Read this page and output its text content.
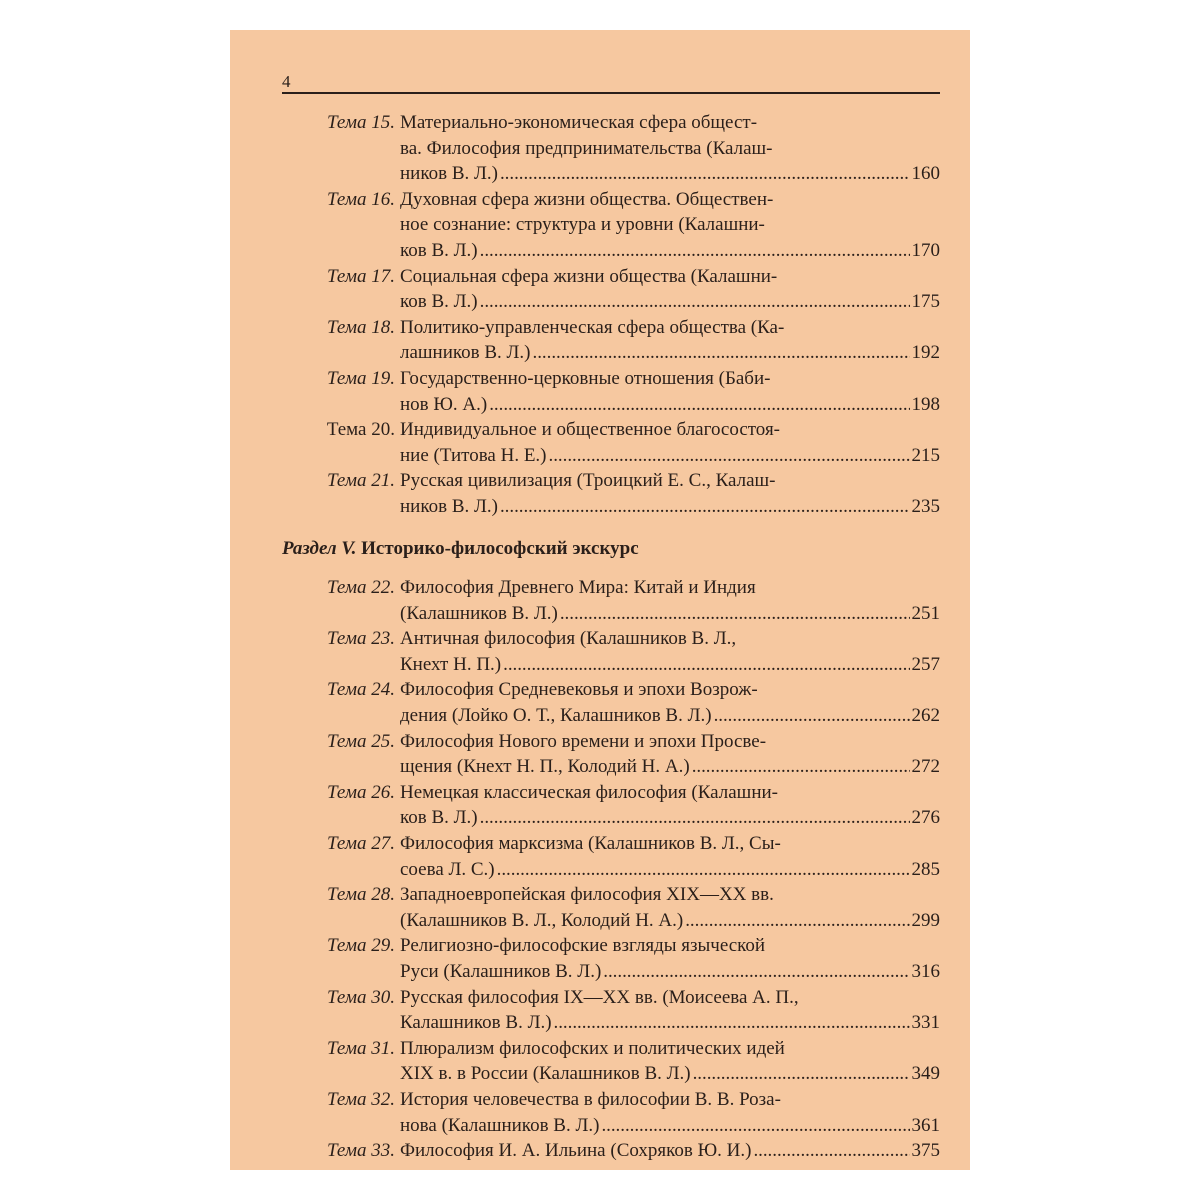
4
Тема 15. Материально-экономическая сфера общест-
ва. Философия предпринимательства (Калаш-
ников В. Л.) . . .	160
Тема 16. Духовная сфера жизни общества. Обществен-
ное сознание: структура и уровни (Калашни-
ков В. Л.) . . .	170
Тема 17. Социальная сфера жизни общества (Калашни-
ков В. Л.) . . .	175
Тема 18. Политико-управленческая сфера общества (Ка-
лашников В. Л.) . . .	192
Тема 19. Государственно-церковные отношения (Баби-
нов Ю. А.) . . .	198
Тема 20. Индивидуальное и общественное благосостоя-
ние (Титова Н. Е.) . . .	215
Тема 21. Русская цивилизация (Троицкий Е. С., Калаш-
ников В. Л.) . . .	235
Раздел V. Историко-философский экскурс
Тема 22. Философия Древнего Мира: Китай и Индия
(Калашников В. Л.) . . .	251
Тема 23. Античная философия (Калашников В. Л.,
Кнехт Н. П.) . . .	257
Тема 24. Философия Средневековья и эпохи Возрож-
дения (Лойко О. Т., Калашников В. Л.) . . .	262
Тема 25. Философия Нового времени и эпохи Просве-
щения (Кнехт Н. П., Колодий Н. А.) . . .	272
Тема 26. Немецкая классическая философия (Калашни-
ков В. Л.) . . .	276
Тема 27. Философия марксизма (Калашников В. Л., Сы-
соева Л. С.) . . .	285
Тема 28. Западноевропейская философия XIX—XX вв.
(Калашников В. Л., Колодий Н. А.) . . .	299
Тема 29. Религиозно-философские взгляды языческой
Руси (Калашников В. Л.) . . .	316
Тема 30. Русская философия IX—XX вв. (Моисеева А. П.,
Калашников В. Л.) . . .	331
Тема 31. Плюрализм философских и политических идей
XIX в. в России (Калашников В. Л.) . . .	349
Тема 32. История человечества в философии В. В. Роза-
нова (Калашников В. Л.) . . .	361
Тема 33. Философия И. А. Ильина (Сохряков Ю. И.) . . .	375
